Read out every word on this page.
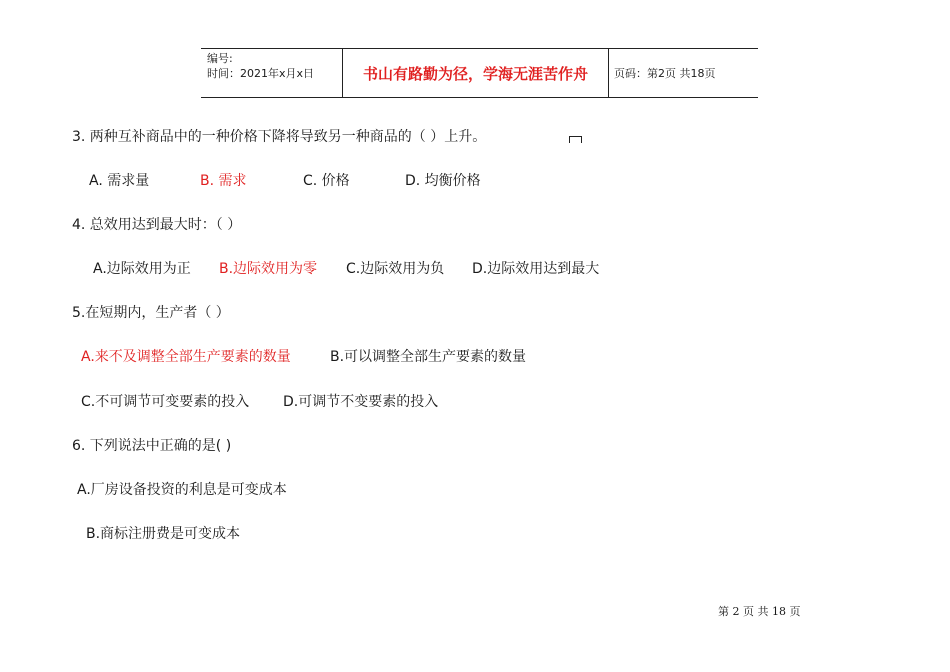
编号:
时间：2021年x月x日	书山有路勤为径，学海无涯苦作舟	页码：第2页 共18页
3. 两种互补商品中的一种价格下降将导致另一种商品的（ ）上升。
A. 需求量	B. 需求	C. 价格	D. 均衡价格
4. 总效用达到最大时：（ ）
A.边际效用为正 B.边际效用为零 C.边际效用为负 D.边际效用达到最大
5.在短期内，生产者（ ）
A.来不及调整全部生产要素的数量	B.可以调整全部生产要素的数量
C.不可调节可变要素的投入 D.可调节不变要素的投入
6. 下列说法中正确的是( )
A.厂房设备投资的利息是可变成本
B.商标注册费是可变成本
第 2 页 共 18 页
